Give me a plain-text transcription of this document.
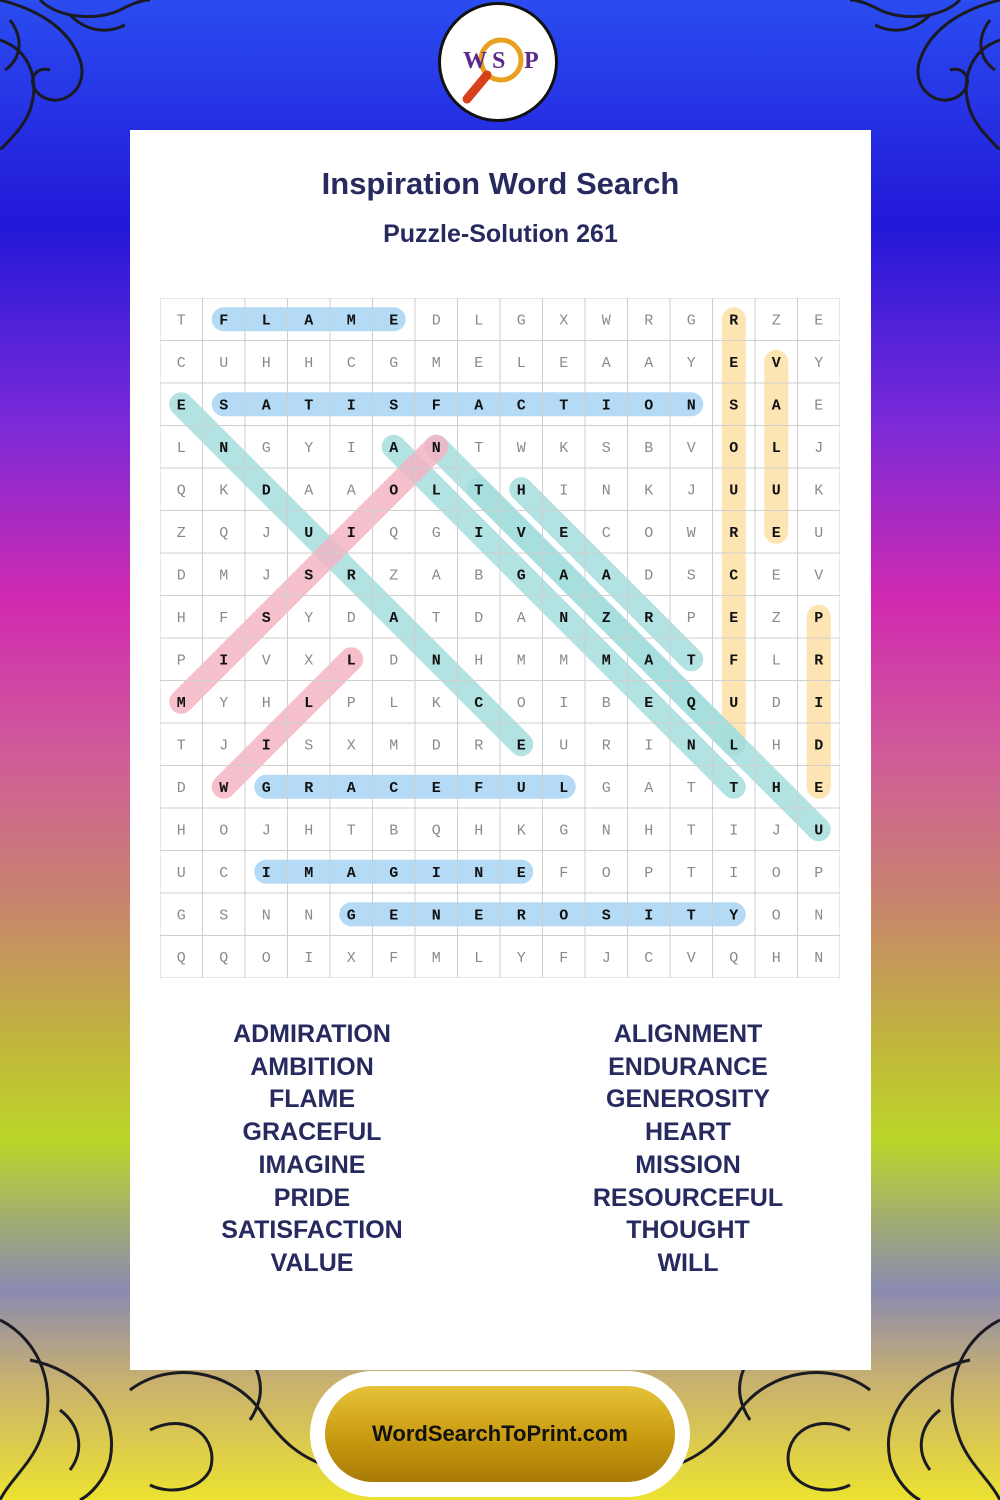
W S P
Inspiration Word Search
Puzzle-Solution 261
T F L A M E D L G X W R G R Z E
C U H H C G M E L E A A Y E V Y
E S A T I S F A C T I O N S A E
L N G Y I A N T W K S B V O L J
Q K D A A O L T H I N K J U U K
Z Q J U I Q G I V E C O W R E U
D M J S R Z A B G A A D S C E V
H F S Y D A T D A N Z R P E Z P
P I V X L D N H M M M A T F L R
M Y H L P L K C O I B E Q U D I
T J I S X M D R E U R I N L H D
D W G R A C E F U L G A T T H E
H O J H T B Q H K G N H T I J U
U C I M A G I N E F O P T I O P
G S N N G E N E R O S I T Y O N
Q Q O I X F M L Y F J C V Q H N
ADMIRATION
AMBITION
FLAME
GRACEFUL
IMAGINE
PRIDE
SATISFACTION
VALUE
ALIGNMENT
ENDURANCE
GENEROSITY
HEART
MISSION
RESOURCEFUL
THOUGHT
WILL
WordSearchToPrint.com
